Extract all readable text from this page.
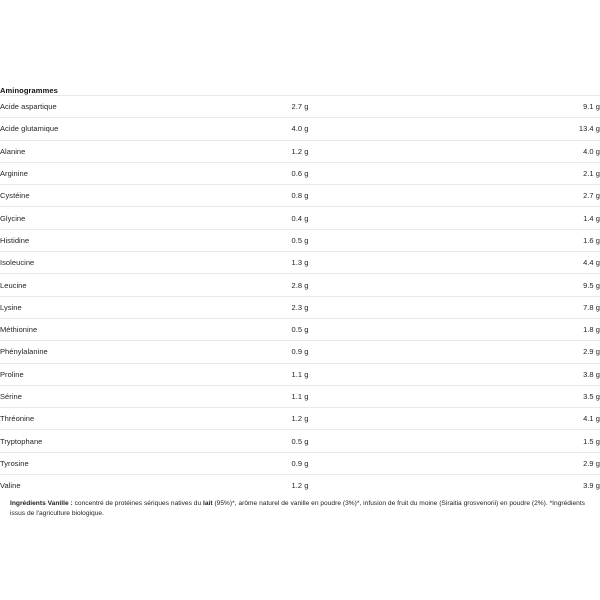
Aminogrammes		
Acide aspartique	2.7 g	9.1 g
Acide glutamique	4.0 g	13.4 g
Alanine	1.2 g	4.0 g
Arginine	0.6 g	2.1 g
Cystéine	0.8 g	2.7 g
Glycine	0.4 g	1.4 g
Histidine	0.5 g	1.6 g
Isoleucine	1.3 g	4.4 g
Leucine	2.8 g	9.5 g
Lysine	2.3 g	7.8 g
Méthionine	0.5 g	1.8 g
Phénylalanine	0.9 g	2.9 g
Proline	1.1 g	3.8 g
Sérine	1.1 g	3.5 g
Thréonine	1.2 g	4.1 g
Tryptophane	0.5 g	1.5 g
Tyrosine	0.9 g	2.9 g
Valine	1.2 g	3.9 g

Ingrédients Vanille : concentré de protéines sériques natives du lait (95%)*, arôme naturel de vanille en poudre (3%)*, infusion de fruit du moine (Siraitia grosvenorii) en poudre (2%). *Ingrédients issus de l'agriculture biologique.
